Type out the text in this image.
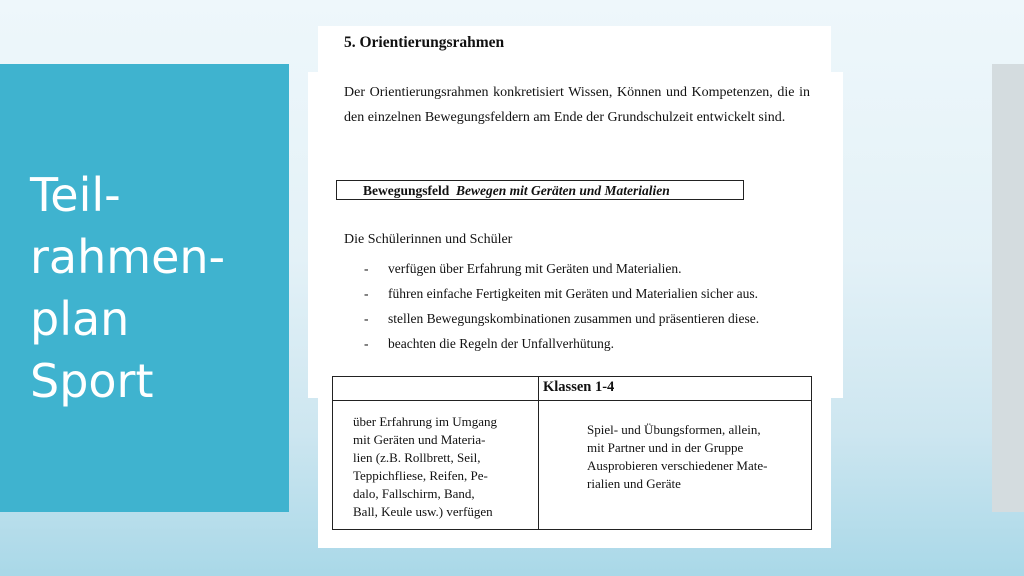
Teil-
rahmen-
plan
Sport
5. Orientierungsrahmen

Der Orientierungsrahmen konkretisiert Wissen, Können und Kompetenzen, die in den einzelnen Bewegungsfeldern am Ende der Grundschulzeit entwickelt sind.

Bewegungsfeld Bewegen mit Geräten und Materialien
Die Schülerinnen und Schüler
- verfügen über Erfahrung mit Geräten und Materialien.
- führen einfache Fertigkeiten mit Geräten und Materialien sicher aus.
- stellen Bewegungskombinationen zusammen und präsentieren diese.
- beachten die Regeln der Unfallverhütung.
Klassen 1-4

über Erfahrung im Umgang
mit Geräten und Materia-
lien (z.B. Rollbrett, Seil,
Teppichfliese, Reifen, Pe-
dalo, Fallschirm, Band,
Ball, Keule usw.) verfügen

Spiel- und Übungsformen, allein,
mit Partner und in der Gruppe
Ausprobieren verschiedener Mate-
rialien und Geräte
